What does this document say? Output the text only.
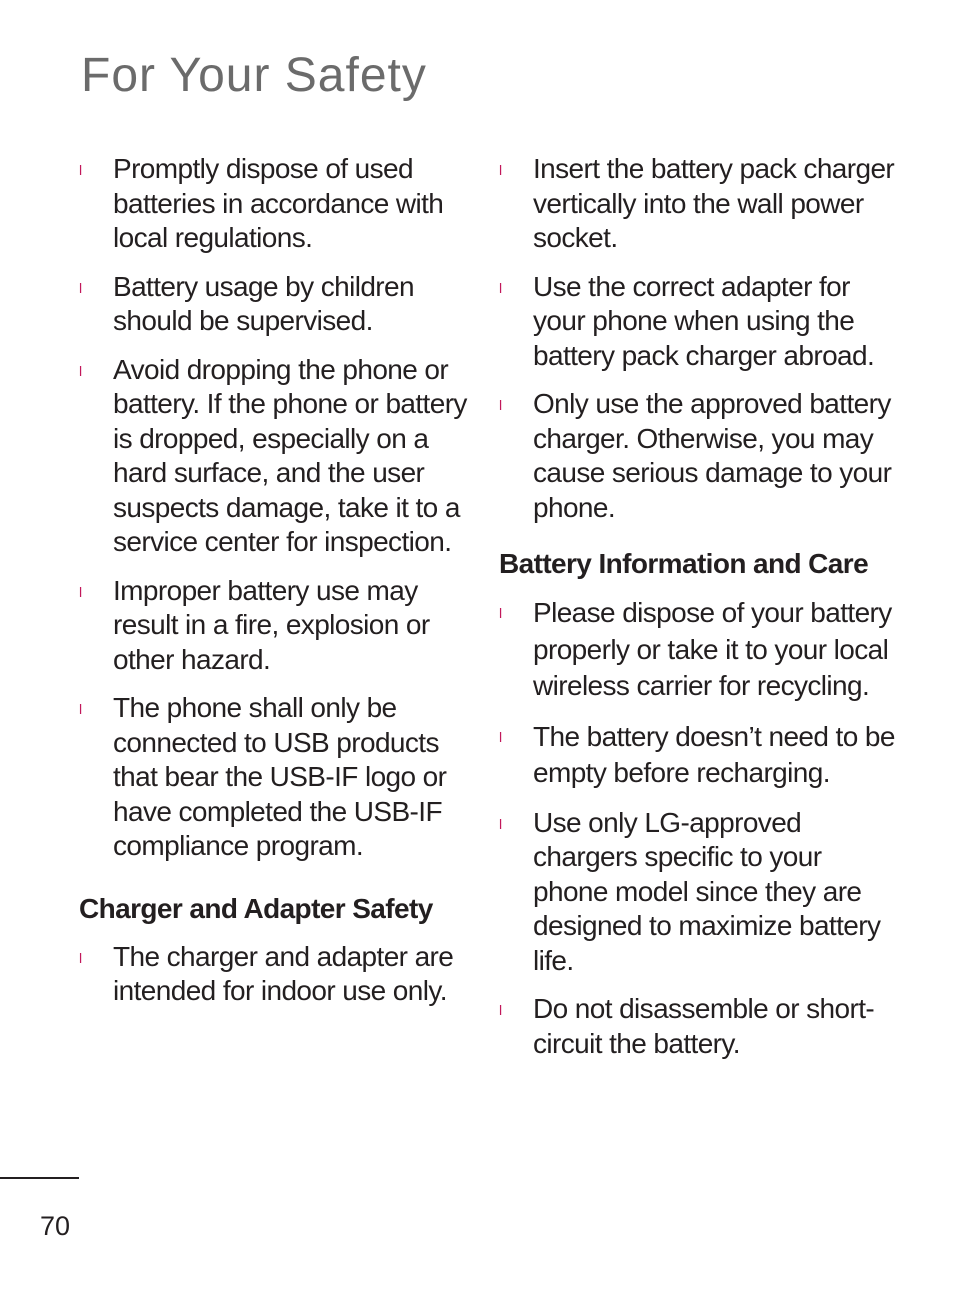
For Your Safety
l Promptly dispose of used batteries in accordance with local regulations.
l Battery usage by children should be supervised.
l Avoid dropping the phone or battery. If the phone or battery is dropped, especially on a hard surface, and the user suspects damage, take it to a service center for inspection.
l Improper battery use may result in a fire, explosion or other hazard.
l The phone shall only be connected to USB products that bear the USB-IF logo or have completed the USB-IF compliance program.
Charger and Adapter Safety
l The charger and adapter are intended for indoor use only.
l Insert the battery pack charger vertically into the wall power socket.
l Use the correct adapter for your phone when using the battery pack charger abroad.
l Only use the approved battery charger. Otherwise, you may cause serious damage to your phone.
Battery Information and Care
l Please dispose of your battery properly or take it to your local wireless carrier for recycling.
l The battery doesn’t need to be empty before recharging.
l Use only LG-approved chargers specific to your phone model since they are designed to maximize battery life.
l Do not disassemble or short-circuit the battery.
70
